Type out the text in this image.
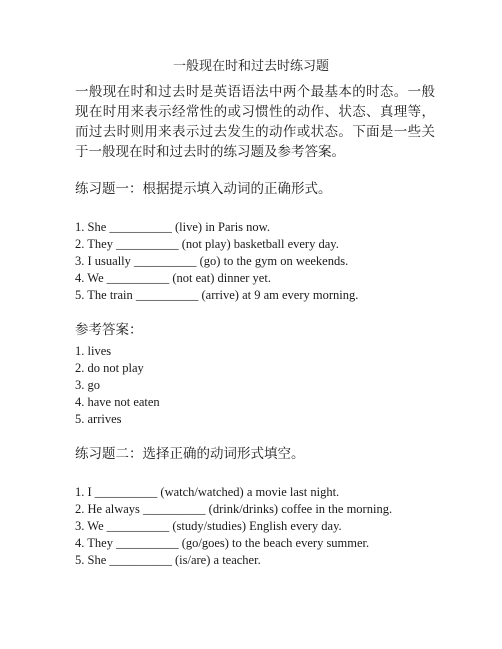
一般现在时和过去时练习题
一般现在时和过去时是英语语法中两个最基本的时态。一般现在时用来表示经常性的或习惯性的动作、状态、真理等，而过去时则用来表示过去发生的动作或状态。下面是一些关于一般现在时和过去时的练习题及参考答案。
练习题一：根据提示填入动词的正确形式。
1. She __________ (live) in Paris now.
2. They __________ (not play) basketball every day.
3. I usually __________ (go) to the gym on weekends.
4. We __________ (not eat) dinner yet.
5. The train __________ (arrive) at 9 am every morning.
参考答案：
1. lives
2. do not play
3. go
4. have not eaten
5. arrives
练习题二：选择正确的动词形式填空。
1. I __________ (watch/watched) a movie last night.
2. He always __________ (drink/drinks) coffee in the morning.
3. We __________ (study/studies) English every day.
4. They __________ (go/goes) to the beach every summer.
5. She __________ (is/are) a teacher.
